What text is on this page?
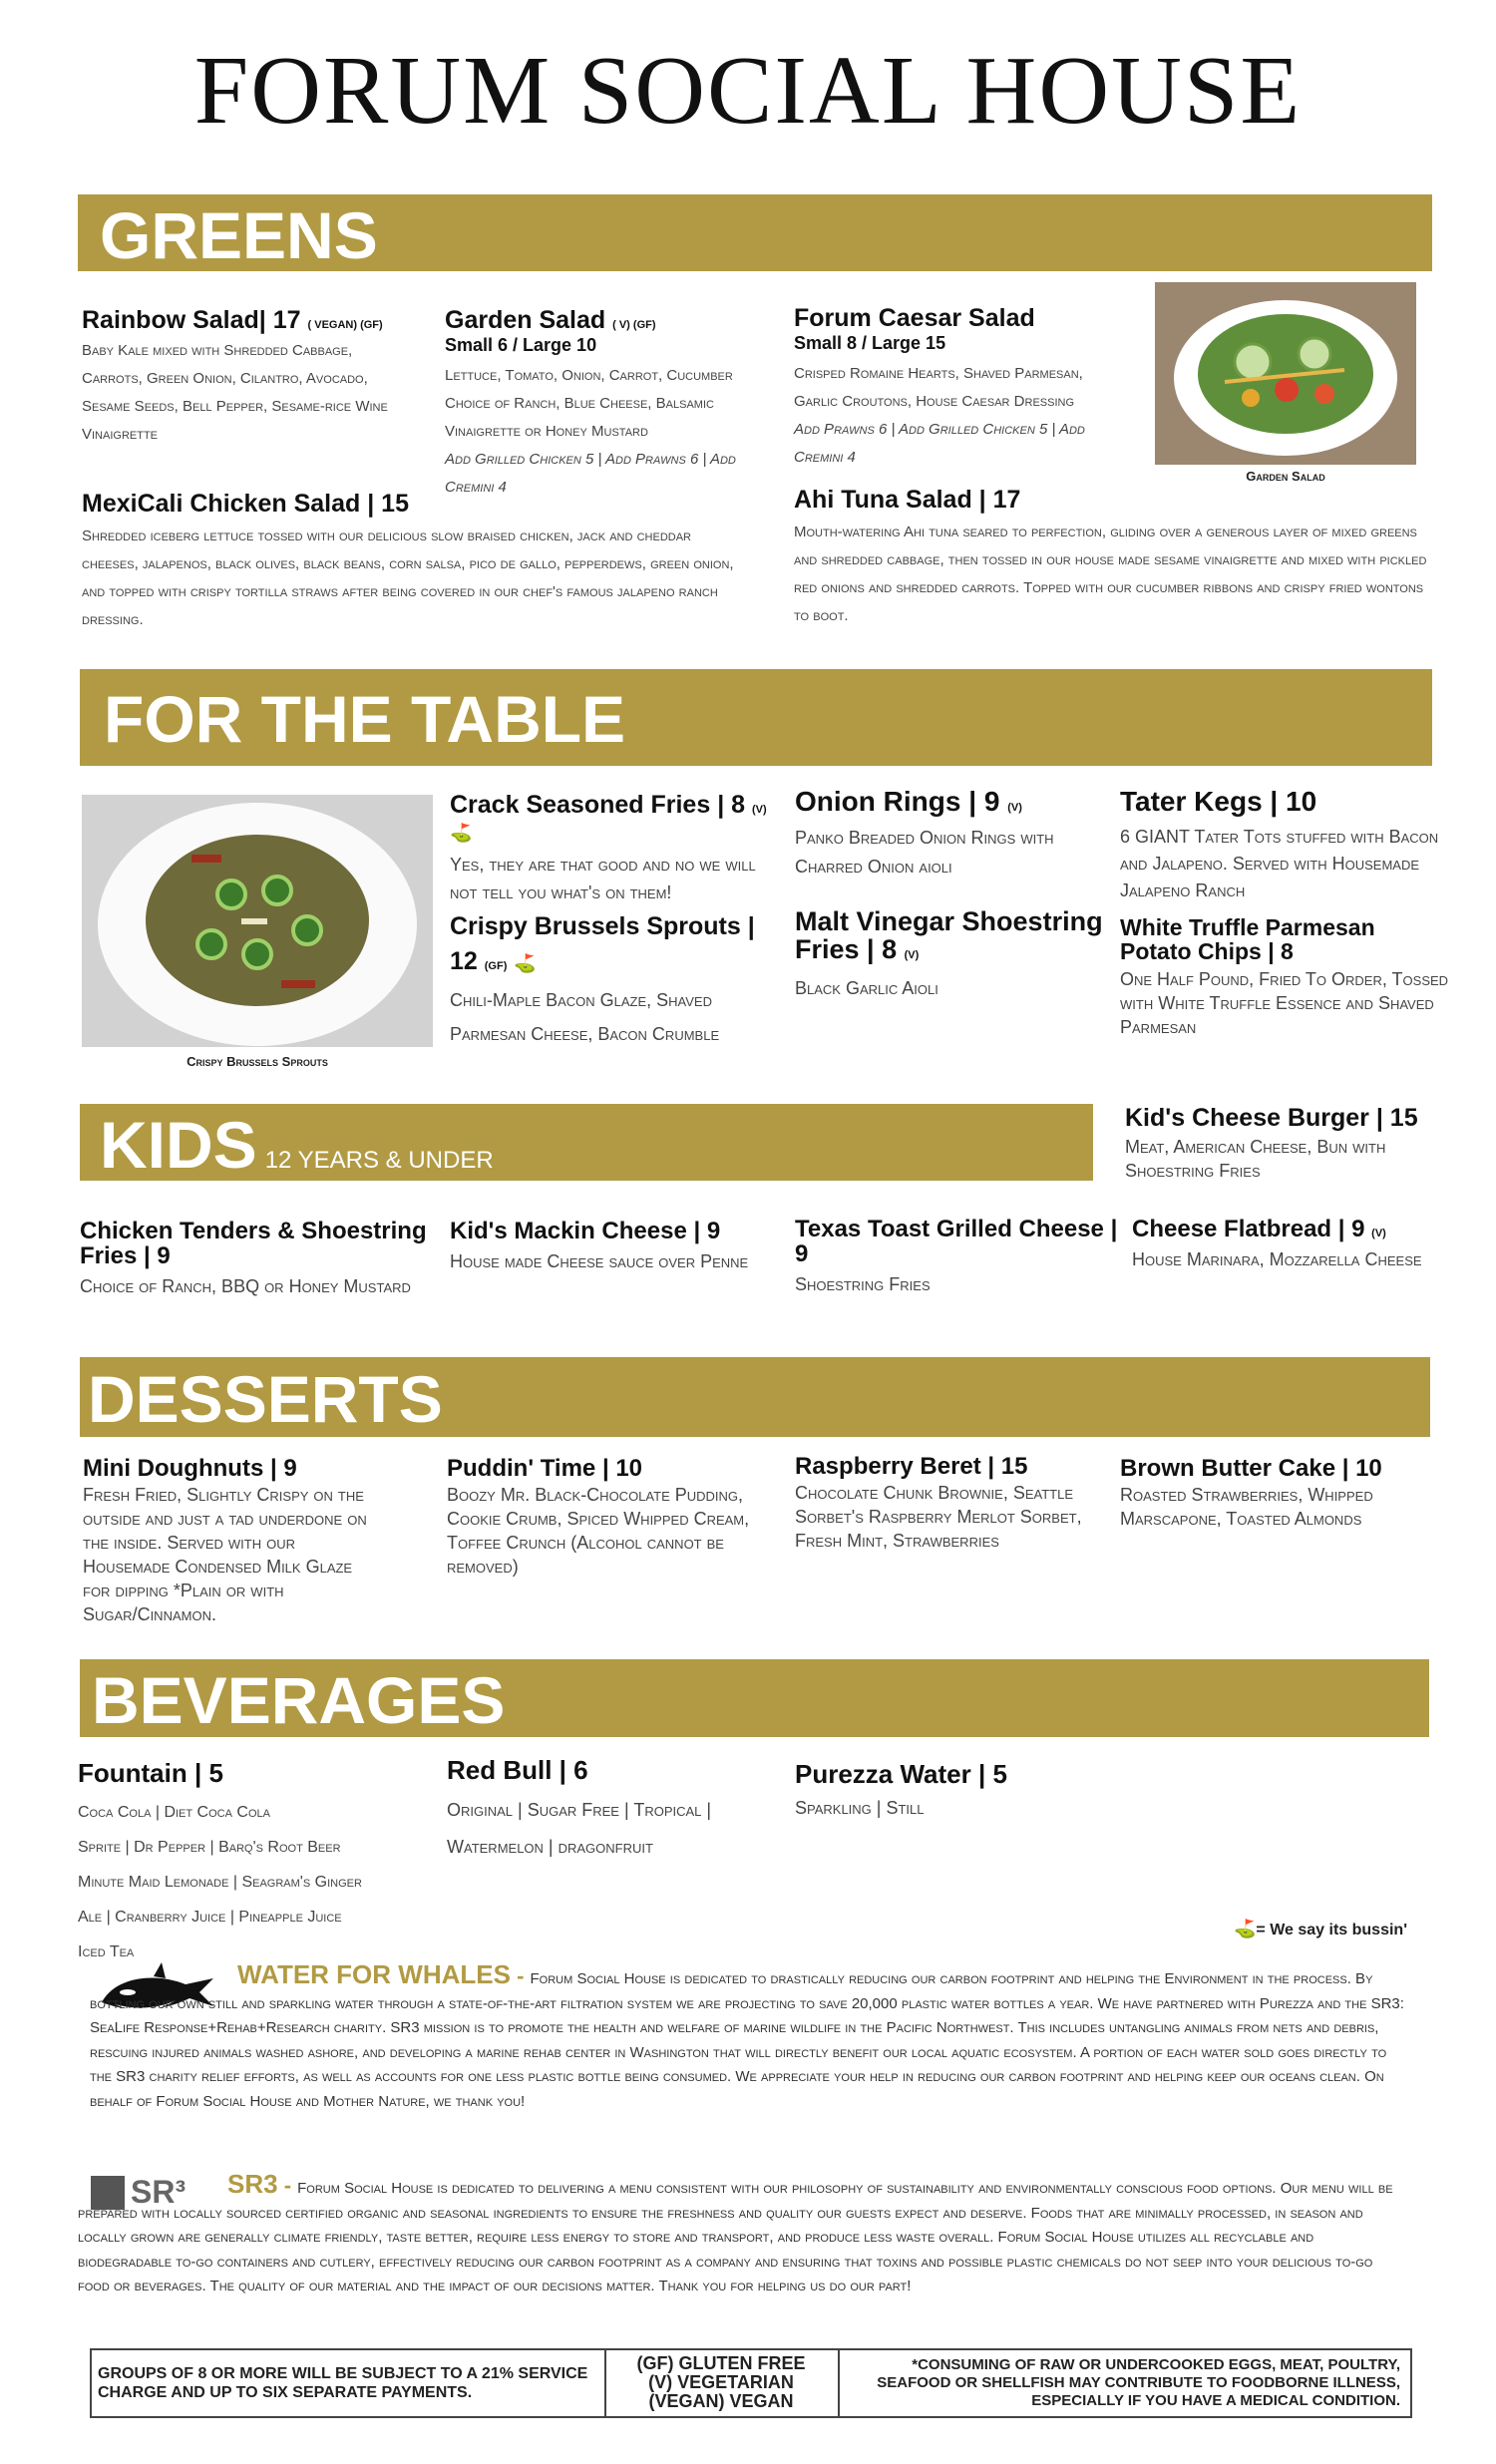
FORUM SOCIAL HOUSE
GREENS
Rainbow Salad| 17 ( VEGAN) (GF)
Baby Kale mixed with Shredded Cabbage, Carrots, Green Onion, Cilantro, Avocado, Sesame Seeds, Bell Pepper, Sesame-rice Wine Vinaigrette
Garden Salad ( V) (GF)
Small 6 / Large 10
Lettuce, Tomato, Onion, Carrot, Cucumber Choice of Ranch, Blue Cheese, Balsamic Vinaigrette or Honey Mustard
Add Grilled Chicken 5 | Add Prawns 6 | Add Cremini 4
Forum Caesar Salad
Small 8 / Large 15
Crisped Romaine Hearts, Shaved Parmesan, Garlic Croutons, House Caesar Dressing
Add Prawns 6 | Add Grilled Chicken 5 | Add Cremini 4
Garden Salad
MexiCali Chicken Salad | 15
Shredded iceberg lettuce tossed with our delicious slow braised chicken, jack and cheddar cheeses, jalapenos, black olives, black beans, corn salsa, pico de gallo, pepperdews, green onion, and topped with crispy tortilla straws after being covered in our chef's famous jalapeno ranch dressing.
Ahi Tuna Salad | 17
Mouth-watering Ahi tuna seared to perfection, gliding over a generous layer of mixed greens and shredded cabbage, then tossed in our house made sesame vinaigrette and mixed with pickled red onions and shredded carrots. Topped with our cucumber ribbons and crispy fried wontons to boot.
FOR THE TABLE
Crispy Brussels Sprouts
Crack Seasoned Fries | 8 (V) ⛳
Yes, they are that good and no we will not tell you what's on them!
Crispy Brussels Sprouts | 12 (GF) ⛳
Chili-Maple Bacon Glaze, Shaved Parmesan Cheese, Bacon Crumble
Onion Rings | 9 (V)
Panko Breaded Onion Rings with Charred Onion aioli
Malt Vinegar Shoestring Fries | 8 (V)
Black Garlic Aioli
Tater Kegs | 10
6 GIANT Tater Tots stuffed with Bacon and Jalapeno. Served with Housemade Jalapeno Ranch
White Truffle Parmesan Potato Chips | 8
One Half Pound, Fried To Order, Tossed with White Truffle Essence and Shaved Parmesan
KIDS 12 YEARS & UNDER
Kid's Cheese Burger | 15
Meat, American Cheese, Bun with Shoestring Fries
Chicken Tenders & Shoestring Fries | 9
Choice of Ranch, BBQ or Honey Mustard
Kid's Mackin Cheese | 9
House made Cheese sauce over Penne
Texas Toast Grilled Cheese | 9
Shoestring Fries
Cheese Flatbread | 9 (V)
House Marinara, Mozzarella Cheese
DESSERTS
Mini Doughnuts | 9
Fresh Fried, Slightly Crispy on the outside and just a tad underdone on the inside. Served with our Housemade Condensed Milk Glaze for dipping *Plain or with Sugar/Cinnamon.
Puddin' Time | 10
Boozy Mr. Black-Chocolate Pudding, Cookie Crumb, Spiced Whipped Cream, Toffee Crunch (Alcohol cannot be removed)
Raspberry Beret | 15
Chocolate Chunk Brownie, Seattle Sorbet's Raspberry Merlot Sorbet, Fresh Mint, Strawberries
Brown Butter Cake | 10
Roasted Strawberries, Whipped Marscapone, Toasted Almonds
BEVERAGES
Fountain | 5
Coca Cola | Diet Coca Cola
Sprite | Dr Pepper | Barq's Root Beer
Minute Maid Lemonade | Seagram's Ginger
Ale | Cranberry Juice | Pineapple Juice
Iced Tea
Red Bull | 6
Original | Sugar Free | Tropical |
Watermelon | dragonfruit
Purezza Water | 5
Sparkling | Still
⛳= We say its bussin'
WATER FOR WHALES - Forum Social House is dedicated to drastically reducing our carbon footprint and helping the Environment in the process. By bottling our own still and sparkling water through a state-of-the-art filtration system we are projecting to save 20,000 plastic water bottles a year. We have partnered with Purezza and the SR3: SeaLife Response+Rehab+Research charity. SR3 mission is to promote the health and welfare of marine wildlife in the Pacific Northwest. This includes untangling animals from nets and debris, rescuing injured animals washed ashore, and developing a marine rehab center in Washington that will directly benefit our local aquatic ecosystem. A portion of each water sold goes directly to the SR3 charity relief efforts, as well as accounts for one less plastic bottle being consumed. We appreciate your help in reducing our carbon footprint and helping keep our oceans clean. On behalf of Forum Social House and Mother Nature, we thank you!
SR³	SR3 - Forum Social House is dedicated to delivering a menu consistent with our philosophy of sustainability and environmentally conscious food options. Our menu will be prepared with locally sourced certified organic and seasonal ingredients to ensure the freshness and quality our guests expect and deserve. Foods that are minimally processed, in season and locally grown are generally climate friendly, taste better, require less energy to store and transport, and produce less waste overall. Forum Social House utilizes all recyclable and biodegradable to-go containers and cutlery, effectively reducing our carbon footprint as a company and ensuring that toxins and possible plastic chemicals do not seep into your delicious to-go food or beverages. The quality of our material and the impact of our decisions matter. Thank you for helping us do our part!
GROUPS OF 8 OR MORE WILL BE SUBJECT TO A 21% SERVICE CHARGE AND UP TO SIX SEPARATE PAYMENTS.
(GF) GLUTEN FREE
(V) VEGETARIAN
(VEGAN) VEGAN
*CONSUMING OF RAW OR UNDERCOOKED EGGS, MEAT, POULTRY, SEAFOOD OR SHELLFISH MAY CONTRIBUTE TO FOODBORNE ILLNESS, ESPECIALLY IF YOU HAVE A MEDICAL CONDITION.
